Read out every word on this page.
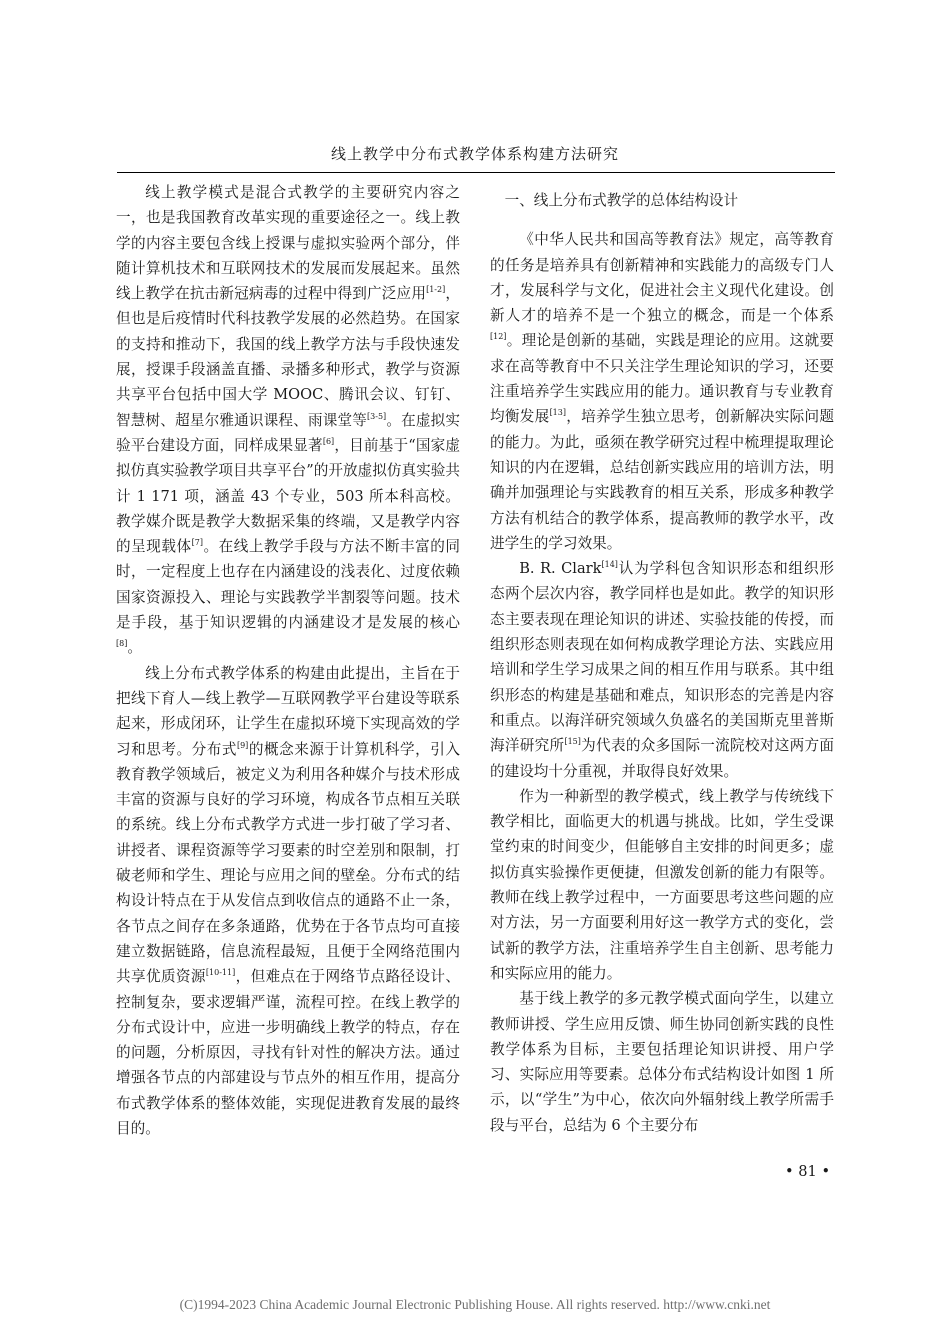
线上教学中分布式教学体系构建方法研究

线上教学模式是混合式教学的主要研究内容之一，也是我国教育改革实现的重要途径之一。线上教学的内容主要包含线上授课与虚拟实验两个部分，伴随计算机技术和互联网技术的发展而发展起来。虽然线上教学在抗击新冠病毒的过程中得到广泛应用[1-2]，但也是后疫情时代科技教学发展的必然趋势。在国家的支持和推动下，我国的线上教学方法与手段快速发展，授课手段涵盖直播、录播多种形式，教学与资源共享平台包括中国大学 MOOC、腾讯会议、钉钉、智慧树、超星尔雅通识课程、雨课堂等[3-5]。在虚拟实验平台建设方面，同样成果显著[6]，目前基于“国家虚拟仿真实验教学项目共享平台”的开放虚拟仿真实验共计 1 171 项，涵盖 43 个专业，503 所本科高校。教学媒介既是教学大数据采集的终端，又是教学内容的呈现载体[7]。在线上教学手段与方法不断丰富的同时，一定程度上也存在内涵建设的浅表化、过度依赖国家资源投入、理论与实践教学半割裂等问题。技术是手段，基于知识逻辑的内涵建设才是发展的核心[8]。

线上分布式教学体系的构建由此提出，主旨在于把线下育人—线上教学—互联网教学平台建设等联系起来，形成闭环，让学生在虚拟环境下实现高效的学习和思考。分布式[9]的概念来源于计算机科学，引入教育教学领域后，被定义为利用各种媒介与技术形成丰富的资源与良好的学习环境，构成各节点相互关联的系统。线上分布式教学方式进一步打破了学习者、讲授者、课程资源等学习要素的时空差别和限制，打破老师和学生、理论与应用之间的壁垒。分布式的结构设计特点在于从发信点到收信点的通路不止一条，各节点之间存在多条通路，优势在于各节点均可直接建立数据链路，信息流程最短，且便于全网络范围内共享优质资源[10-11]，但难点在于网络节点路径设计、控制复杂，要求逻辑严谨，流程可控。在线上教学的分布式设计中，应进一步明确线上教学的特点，存在的问题，分析原因，寻找有针对性的解决方法。通过增强各节点的内部建设与节点外的相互作用，提高分布式教学体系的整体效能，实现促进教育发展的最终目的。

一、线上分布式教学的总体结构设计

《中华人民共和国高等教育法》规定，高等教育的任务是培养具有创新精神和实践能力的高级专门人才，发展科学与文化，促进社会主义现代化建设。创新人才的培养不是一个独立的概念，而是一个体系[12]。理论是创新的基础，实践是理论的应用。这就要求在高等教育中不只关注学生理论知识的学习，还要注重培养学生实践应用的能力。通识教育与专业教育均衡发展[13]，培养学生独立思考，创新解决实际问题的能力。为此，亟须在教学研究过程中梳理提取理论知识的内在逻辑，总结创新实践应用的培训方法，明确并加强理论与实践教育的相互关系，形成多种教学方法有机结合的教学体系，提高教师的教学水平，改进学生的学习效果。

B. R. Clark[14]认为学科包含知识形态和组织形态两个层次内容，教学同样也是如此。教学的知识形态主要表现在理论知识的讲述、实验技能的传授，而组织形态则表现在如何构成教学理论方法、实践应用培训和学生学习成果之间的相互作用与联系。其中组织形态的构建是基础和难点，知识形态的完善是内容和重点。以海洋研究领域久负盛名的美国斯克里普斯海洋研究所[15]为代表的众多国际一流院校对这两方面的建设均十分重视，并取得良好效果。

作为一种新型的教学模式，线上教学与传统线下教学相比，面临更大的机遇与挑战。比如，学生受课堂约束的时间变少，但能够自主安排的时间更多；虚拟仿真实验操作更便捷，但激发创新的能力有限等。教师在线上教学过程中，一方面要思考这些问题的应对方法，另一方面要利用好这一教学方式的变化，尝试新的教学方法，注重培养学生自主创新、思考能力和实际应用的能力。

基于线上教学的多元教学模式面向学生，以建立教师讲授、学生应用反馈、师生协同创新实践的良性教学体系为目标，主要包括理论知识讲授、用户学习、实际应用等要素。总体分布式结构设计如图 1 所示，以“学生”为中心，依次向外辐射线上教学所需手段与平台，总结为 6 个主要分布

• 81 •
(C)1994-2023 China Academic Journal Electronic Publishing House. All rights reserved. http://www.cnki.net
